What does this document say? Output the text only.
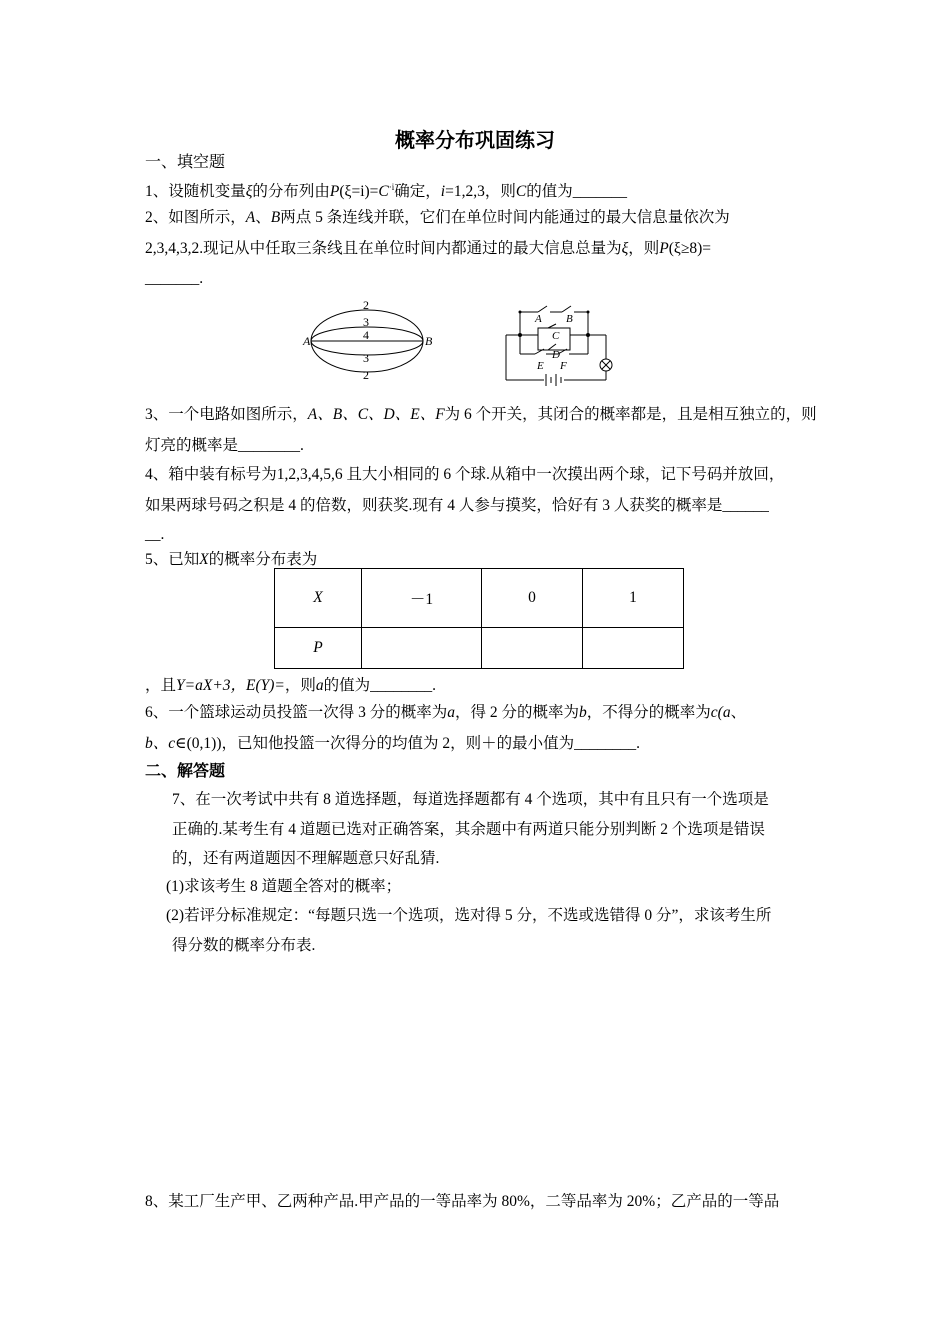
概率分布巩固练习
一、填空题
1、设随机变量ξ的分布列由$P(\xi=i)=C^{\cdot i}$确定，i=1,2,3，则C的值为_______
2、如图所示，A、B两点 5 条连线并联，它们在单位时间内能通过的最大信息量依次为
2,3,4,3,2.现记从中任取三条线且在单位时间内都通过的最大信息总量为ξ，则P(ξ≥8)=
_______.
A	B
2
3
4
3
2
A B
C
D
E F
3、一个电路如图所示，A、B、C、D、E、F为 6 个开关，其闭合的概率都是，且是相互独立的，则
灯亮的概率是________.
4、箱中装有标号为1,2,3,4,5,6 且大小相同的 6 个球.从箱中一次摸出两个球，记下号码并放回，
如果两球号码之积是 4 的倍数，则获奖.现有 4 人参与摸奖，恰好有 3 人获奖的概率是______
__.
5、已知X的概率分布表为
X	－1	0	1
P			
，且Y=aX+3，E(Y)=，则a的值为________.
6、一个篮球运动员投篮一次得 3 分的概率为a，得 2 分的概率为b，不得分的概率为c(a、
b、c∈(0,1))，已知他投篮一次得分的均值为 2，则＋的最小值为________.
二、解答题
7、在一次考试中共有 8 道选择题，每道选择题都有 4 个选项，其中有且只有一个选项是
正确的.某考生有 4 道题已选对正确答案，其余题中有两道只能分别判断 2 个选项是错误
的，还有两道题因不理解题意只好乱猜.
(1)求该考生 8 道题全答对的概率；
(2)若评分标准规定：“每题只选一个选项，选对得 5 分，不选或选错得 0 分”，求该考生所
得分数的概率分布表.
8、某工厂生产甲、乙两种产品.甲产品的一等品率为 80%，二等品率为 20%；乙产品的一等品
